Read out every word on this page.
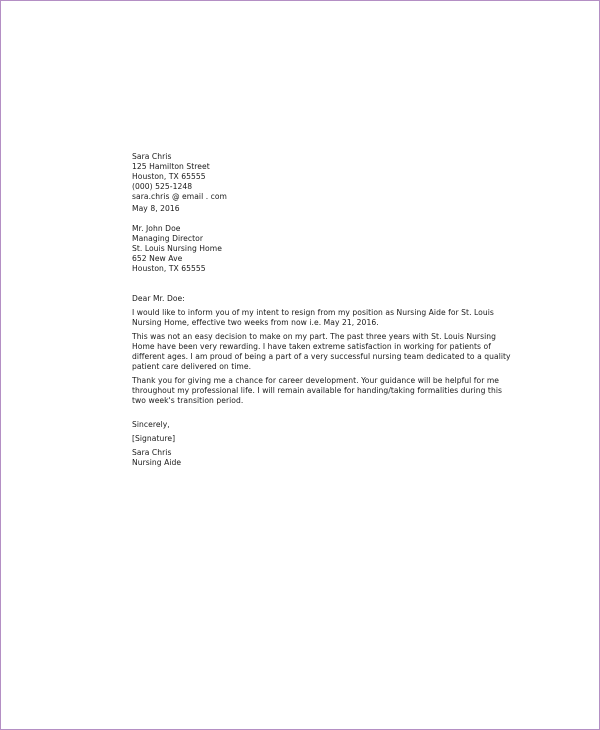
Sara Chris
125 Hamilton Street
Houston, TX 65555
(000) 525-1248
sara.chris @ email . com
May 8, 2016
Mr. John Doe
Managing Director
St. Louis Nursing Home
652 New Ave
Houston, TX 65555
Dear Mr. Doe:
I would like to inform you of my intent to resign from my position as Nursing Aide for St. Louis
Nursing Home, effective two weeks from now i.e. May 21, 2016.
This was not an easy decision to make on my part. The past three years with St. Louis Nursing
Home have been very rewarding. I have taken extreme satisfaction in working for patients of
different ages. I am proud of being a part of a very successful nursing team dedicated to a quality
patient care delivered on time.
Thank you for giving me a chance for career development. Your guidance will be helpful for me
throughout my professional life. I will remain available for handing/taking formalities during this
two week's transition period.
Sincerely,
[Signature]
Sara Chris
Nursing Aide
